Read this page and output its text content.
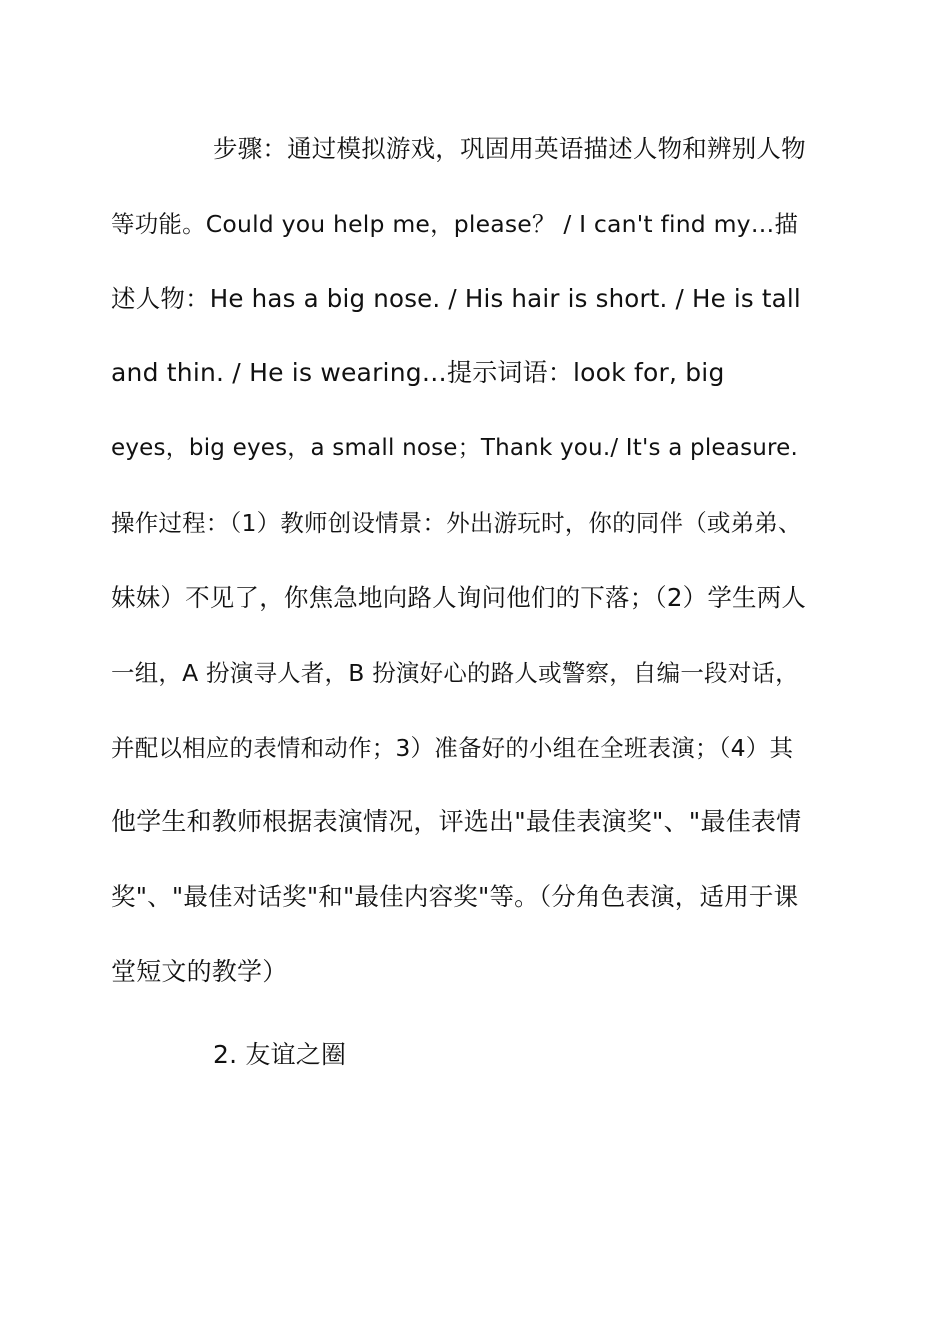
步骤：通过模拟游戏，巩固用英语描述人物和辨别人物
等功能。Could you help me，please？ / I can't find my…描
述人物：He has a big nose. / His hair is short. / He is tall
and thin. / He is wearing…提示词语：look for, big
eyes，big eyes，a small nose；Thank you./ It's a pleasure.
操作过程：（1）教师创设情景：外出游玩时，你的同伴（或弟弟、
妹妹）不见了，你焦急地向路人询问他们的下落；（2）学生两人
一组，A 扮演寻人者，B 扮演好心的路人或警察，自编一段对话，
并配以相应的表情和动作；3）准备好的小组在全班表演；（4）其
他学生和教师根据表演情况，评选出"最佳表演奖"、"最佳表情
奖"、"最佳对话奖"和"最佳内容奖"等。（分角色表演，适用于课
堂短文的教学）
2. 友谊之圈
